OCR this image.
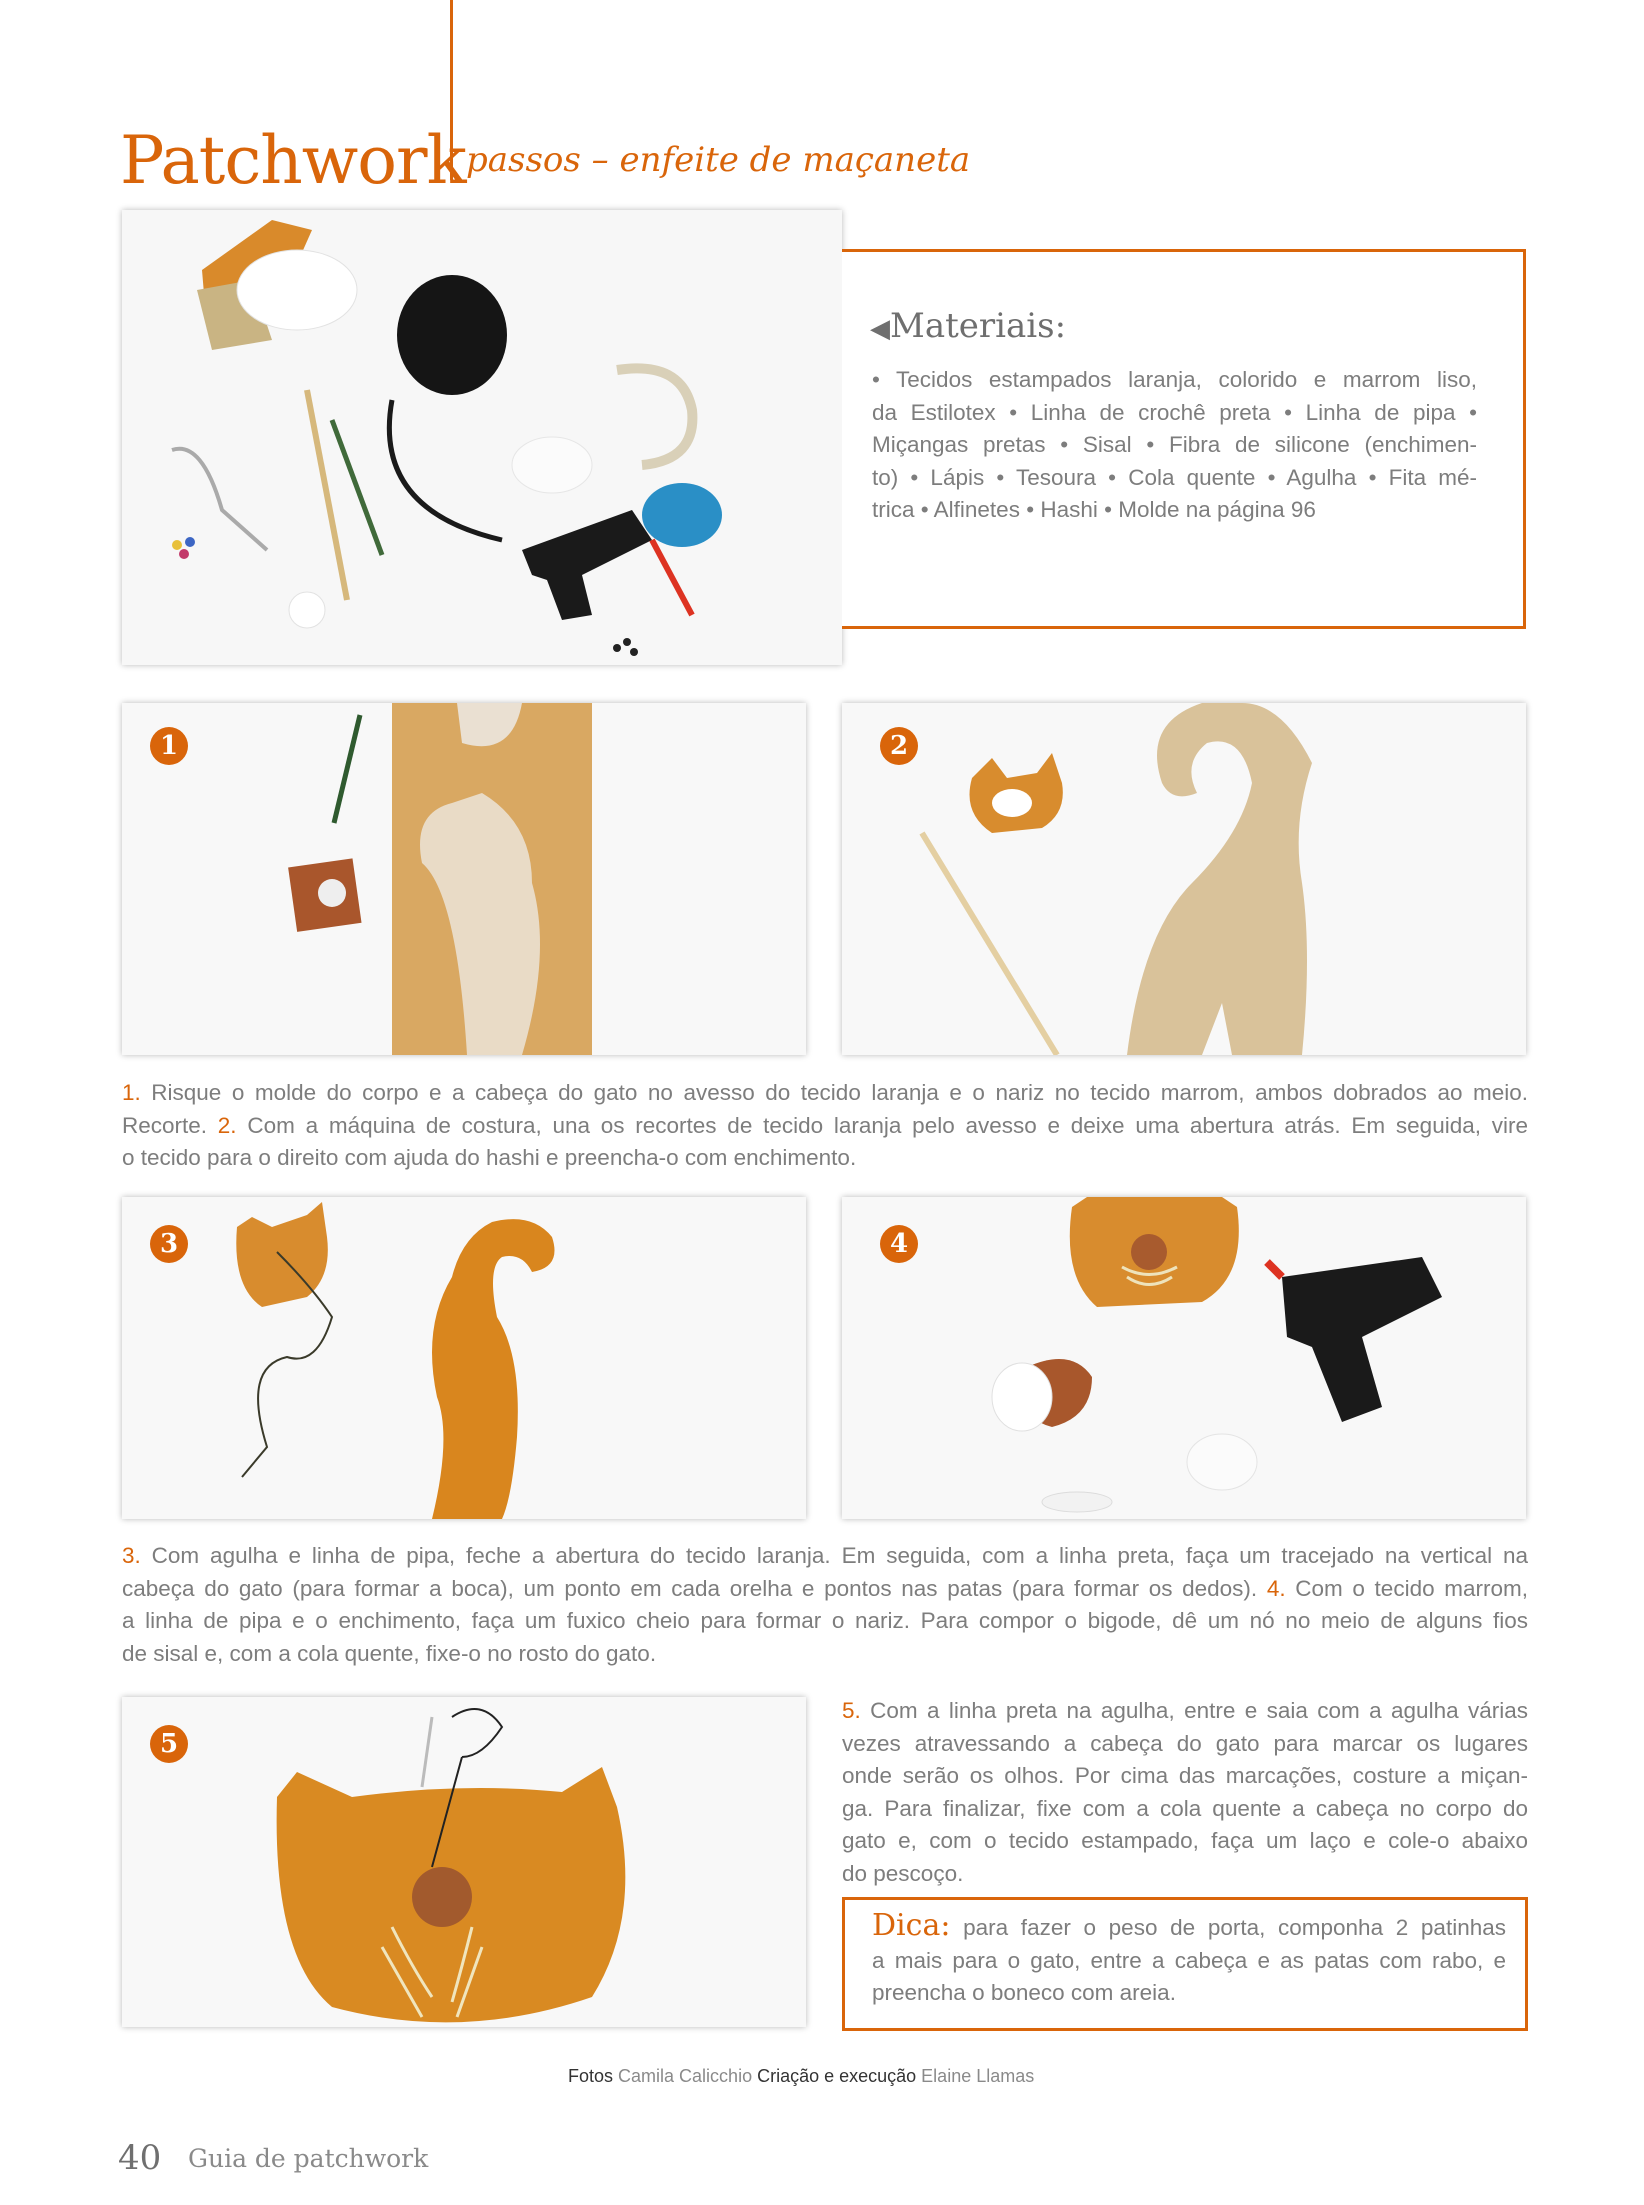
Patchwork passos – enfeite de maçaneta
◀Materiais:
• Tecidos estampados laranja, colorido e marrom liso,
da Estilotex • Linha de crochê preta • Linha de pipa •
Miçangas pretas • Sisal • Fibra de silicone (enchimen-
to) • Lápis • Tesoura • Cola quente • Agulha • Fita mé-
trica • Alfinetes • Hashi • Molde na página 96
1	2
1. Risque o molde do corpo e a cabeça do gato no avesso do tecido laranja e o nariz no tecido marrom, ambos dobrados ao meio.
Recorte. 2. Com a máquina de costura, una os recortes de tecido laranja pelo avesso e deixe uma abertura atrás. Em seguida, vire
o tecido para o direito com ajuda do hashi e preencha-o com enchimento.
3	4
3. Com agulha e linha de pipa, feche a abertura do tecido laranja. Em seguida, com a linha preta, faça um tracejado na vertical na
cabeça do gato (para formar a boca), um ponto em cada orelha e pontos nas patas (para formar os dedos). 4. Com o tecido marrom,
a linha de pipa e o enchimento, faça um fuxico cheio para formar o nariz. Para compor o bigode, dê um nó no meio de alguns fios
de sisal e, com a cola quente, fixe-o no rosto do gato.
5
5. Com a linha preta na agulha, entre e saia com a agulha várias
vezes atravessando a cabeça do gato para marcar os lugares
onde serão os olhos. Por cima das marcações, costure a miçan-
ga. Para finalizar, fixe com a cola quente a cabeça no corpo do
gato e, com o tecido estampado, faça um laço e cole-o abaixo
do pescoço.
Dica: para fazer o peso de porta, componha 2 patinhas
a mais para o gato, entre a cabeça e as patas com rabo, e
preencha o boneco com areia.
Fotos Camila Calicchio Criação e execução Elaine Llamas
40 Guia de patchwork
